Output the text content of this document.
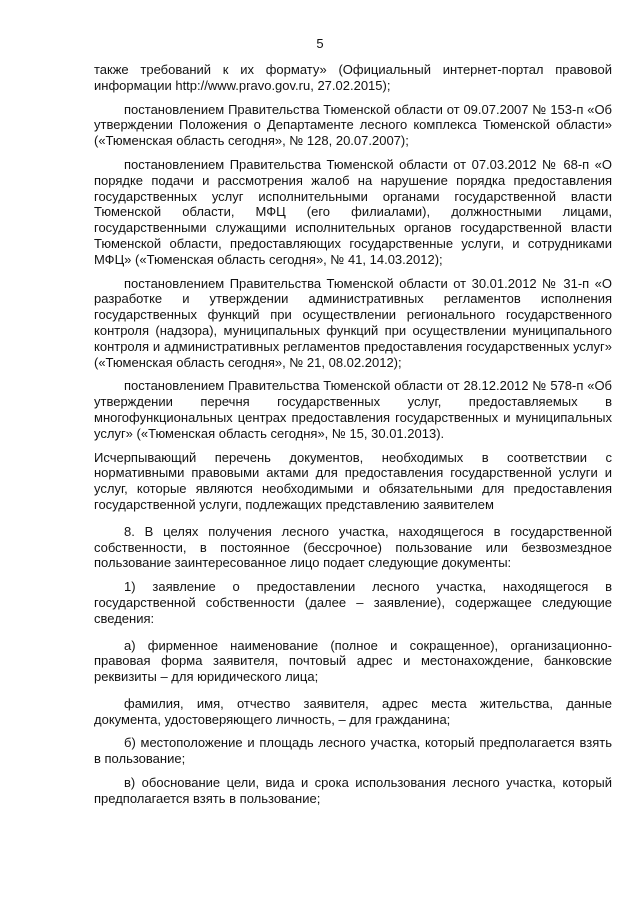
5

также требований к их формату» (Официальный интернет-портал правовой информации http://www.pravo.gov.ru, 27.02.2015);

постановлением Правительства Тюменской области от 09.07.2007 № 153-п «Об утверждении Положения о Департаменте лесного комплекса Тюменской области» («Тюменская область сегодня», № 128, 20.07.2007);

постановлением Правительства Тюменской области от 07.03.2012 № 68-п «О порядке подачи и рассмотрения жалоб на нарушение порядка предоставления государственных услуг исполнительными органами государственной власти Тюменской области, МФЦ (его филиалами), должностными лицами, государственными служащими исполнительных органов государственной власти Тюменской области, предоставляющих государственные услуги, и сотрудниками МФЦ» («Тюменская область сегодня», № 41, 14.03.2012);

постановлением Правительства Тюменской области от 30.01.2012 № 31-п «О разработке и утверждении административных регламентов исполнения государственных функций при осуществлении регионального государственного контроля (надзора), муниципальных функций при осуществлении муниципального контроля и административных регламентов предоставления государственных услуг» («Тюменская область сегодня», № 21, 08.02.2012);

постановлением Правительства Тюменской области от 28.12.2012 № 578-п «Об утверждении перечня государственных услуг, предоставляемых в многофункциональных центрах предоставления государственных и муниципальных услуг» («Тюменская область сегодня», № 15, 30.01.2013).

Исчерпывающий перечень документов, необходимых в соответствии с нормативными правовыми актами для предоставления государственной услуги и услуг, которые являются необходимыми и обязательными для предоставления государственной услуги, подлежащих представлению заявителем

8. В целях получения лесного участка, находящегося в государственной собственности, в постоянное (бессрочное) пользование или безвозмездное пользование заинтересованное лицо подает следующие документы:

1) заявление о предоставлении лесного участка, находящегося в государственной собственности (далее – заявление), содержащее следующие сведения:

а) фирменное наименование (полное и сокращенное), организационно-правовая форма заявителя, почтовый адрес и местонахождение, банковские реквизиты – для юридического лица;

фамилия, имя, отчество заявителя, адрес места жительства, данные документа, удостоверяющего личность, – для гражданина;

б) местоположение и площадь лесного участка, который предполагается взять в пользование;

в) обоснование цели, вида и срока использования лесного участка, который предполагается взять в пользование;
